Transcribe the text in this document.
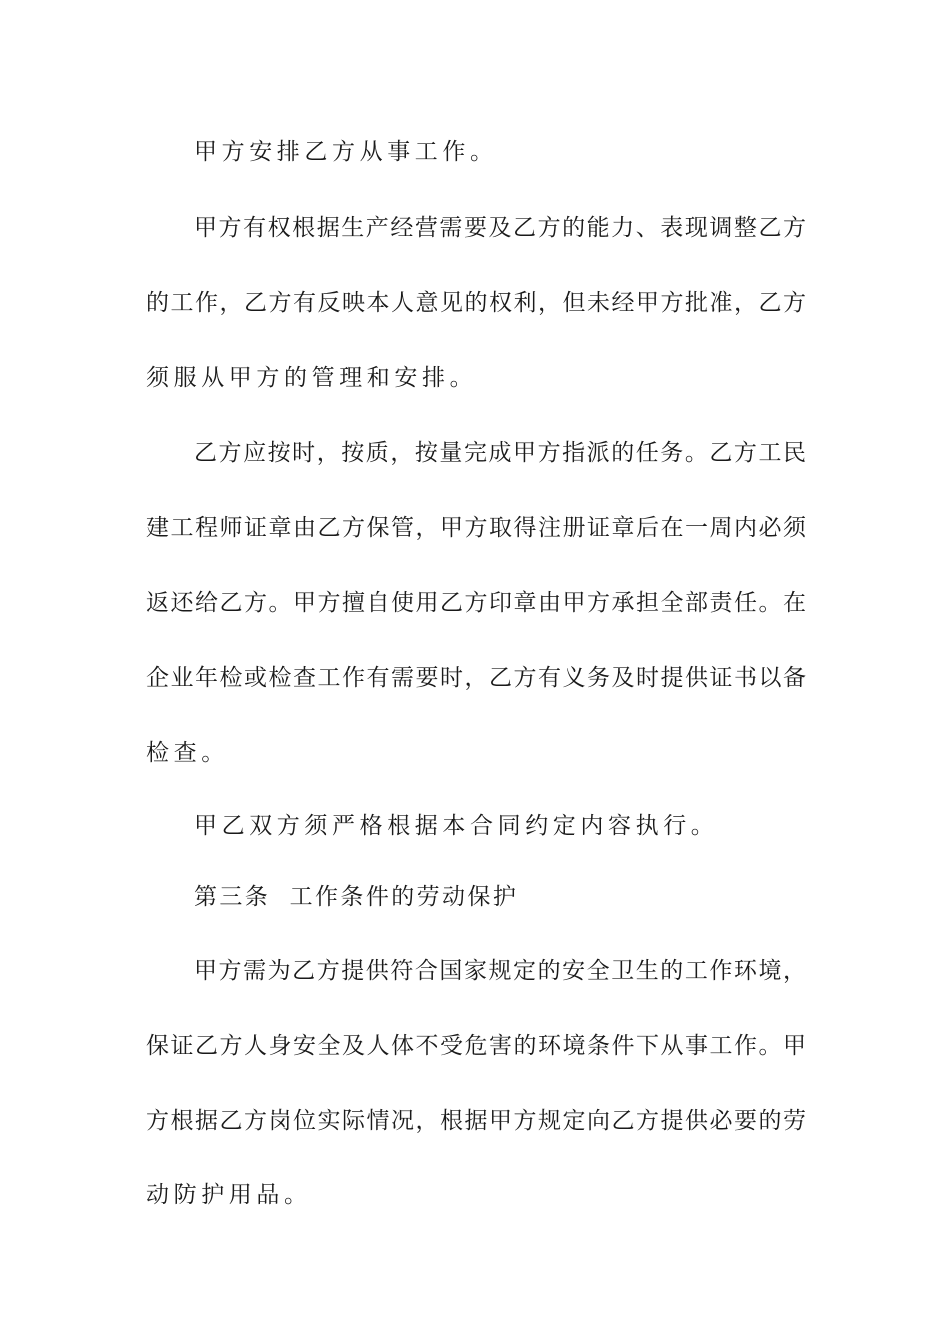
甲方安排乙方从事工作。
甲方有权根据生产经营需要及乙方的能力、表现调整乙方
的工作，乙方有反映本人意见的权利，但未经甲方批准，乙方
须服从甲方的管理和安排。
乙方应按时，按质，按量完成甲方指派的任务。乙方工民
建工程师证章由乙方保管，甲方取得注册证章后在一周内必须
返还给乙方。甲方擅自使用乙方印章由甲方承担全部责任。在
企业年检或检查工作有需要时，乙方有义务及时提供证书以备
检查。
甲乙双方须严格根据本合同约定内容执行。
第三条  工作条件的劳动保护
甲方需为乙方提供符合国家规定的安全卫生的工作环境，
保证乙方人身安全及人体不受危害的环境条件下从事工作。甲
方根据乙方岗位实际情况，根据甲方规定向乙方提供必要的劳
动防护用品。
